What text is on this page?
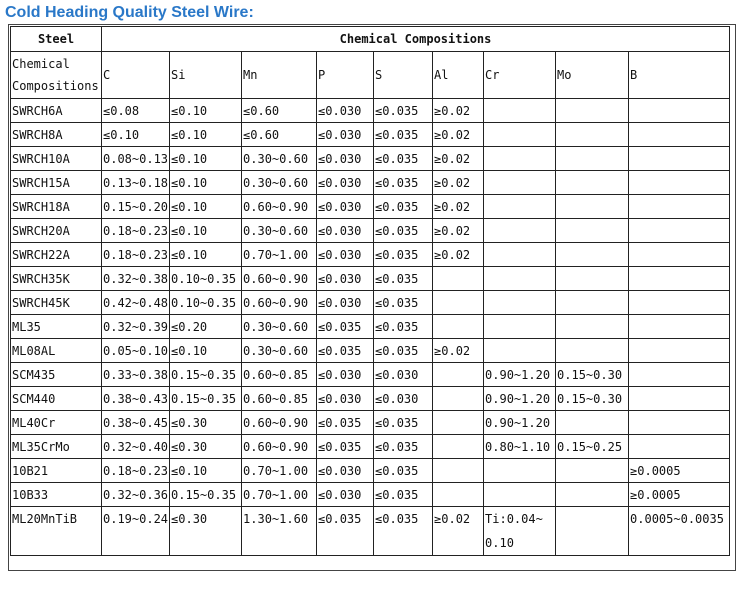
Cold Heading Quality Steel Wire:
Steel	Chemical Compositions								
Chemical Compositions	C	Si	Mn	P	S	Al	Cr	Mo	B
SWRCH6A	≤0.08	≤0.10	≤0.60	≤0.030	≤0.035	≥0.02			
SWRCH8A	≤0.10	≤0.10	≤0.60	≤0.030	≤0.035	≥0.02			
SWRCH10A	0.08~0.13	≤0.10	0.30~0.60	≤0.030	≤0.035	≥0.02			
SWRCH15A	0.13~0.18	≤0.10	0.30~0.60	≤0.030	≤0.035	≥0.02			
SWRCH18A	0.15~0.20	≤0.10	0.60~0.90	≤0.030	≤0.035	≥0.02			
SWRCH20A	0.18~0.23	≤0.10	0.30~0.60	≤0.030	≤0.035	≥0.02			
SWRCH22A	0.18~0.23	≤0.10	0.70~1.00	≤0.030	≤0.035	≥0.02			
SWRCH35K	0.32~0.38	0.10~0.35	0.60~0.90	≤0.030	≤0.035				
SWRCH45K	0.42~0.48	0.10~0.35	0.60~0.90	≤0.030	≤0.035				
ML35	0.32~0.39	≤0.20	0.30~0.60	≤0.035	≤0.035				
ML08AL	0.05~0.10	≤0.10	0.30~0.60	≤0.035	≤0.035	≥0.02			
SCM435	0.33~0.38	0.15~0.35	0.60~0.85	≤0.030	≤0.030		0.90~1.20	0.15~0.30	
SCM440	0.38~0.43	0.15~0.35	0.60~0.85	≤0.030	≤0.030		0.90~1.20	0.15~0.30	
ML40Cr	0.38~0.45	≤0.30	0.60~0.90	≤0.035	≤0.035		0.90~1.20		
ML35CrMo	0.32~0.40	≤0.30	0.60~0.90	≤0.035	≤0.035		0.80~1.10	0.15~0.25	
10B21	0.18~0.23	≤0.10	0.70~1.00	≤0.030	≤0.035				≥0.0005
10B33	0.32~0.36	0.15~0.35	0.70~1.00	≤0.030	≤0.035				≥0.0005
ML20MnTiB	0.19~0.24	≤0.30	1.30~1.60	≤0.035	≤0.035	≥0.02	Ti:0.04~0.10		0.0005~0.0035
